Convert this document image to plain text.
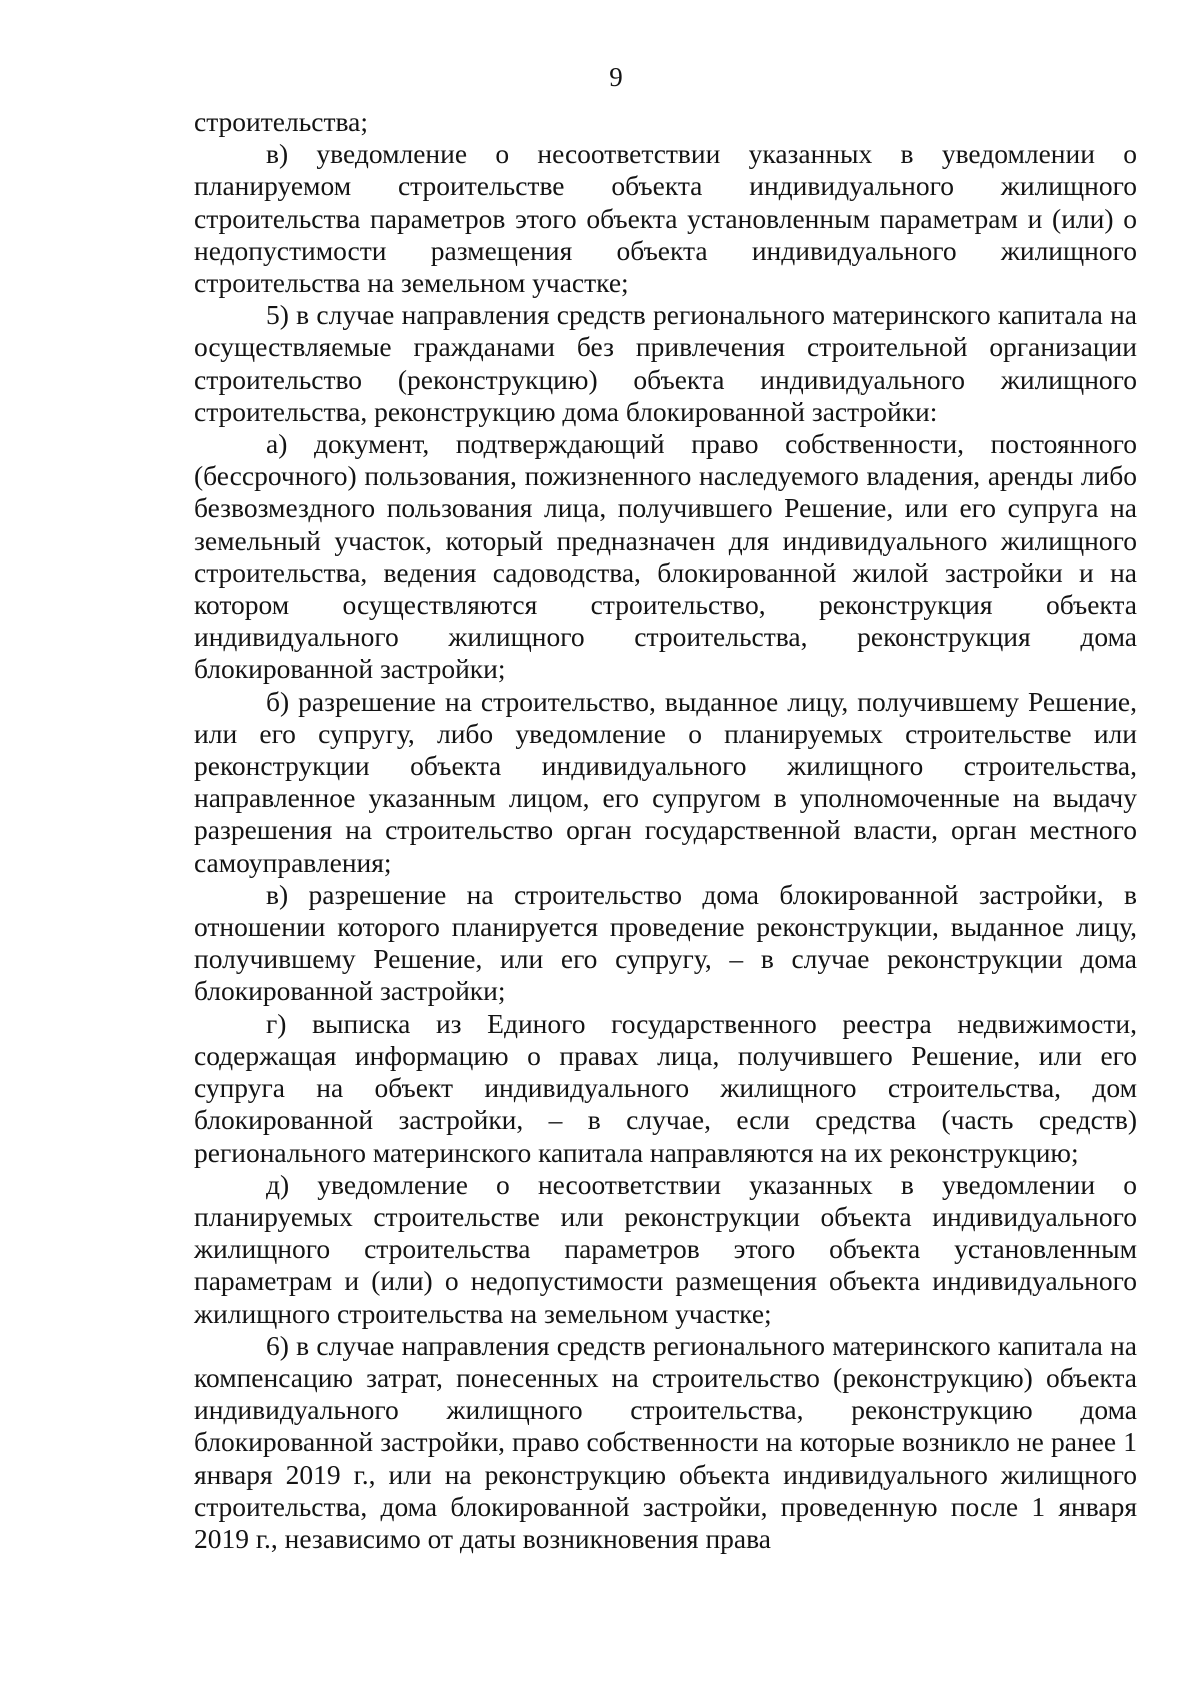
9

строительства;

в) уведомление о несоответствии указанных в уведомлении о планируемом строительстве объекта индивидуального жилищного строительства параметров этого объекта установленным параметрам и (или) о недопустимости размещения объекта индивидуального жилищного строительства на земельном участке;

5) в случае направления средств регионального материнского капитала на осуществляемые гражданами без привлечения строительной организации строительство (реконструкцию) объекта индивидуального жилищного строительства, реконструкцию дома блокированной застройки:

а) документ, подтверждающий право собственности, постоянного (бессрочного) пользования, пожизненного наследуемого владения, аренды либо безвозмездного пользования лица, получившего Решение, или его супруга на земельный участок, который предназначен для индивидуального жилищного строительства, ведения садоводства, блокированной жилой застройки и на котором осуществляются строительство, реконструкция объекта индивидуального жилищного строительства, реконструкция дома блокированной застройки;

б) разрешение на строительство, выданное лицу, получившему Решение, или его супругу, либо уведомление о планируемых строительстве или реконструкции объекта индивидуального жилищного строительства, направленное указанным лицом, его супругом в уполномоченные на выдачу разрешения на строительство орган государственной власти, орган местного самоуправления;

в) разрешение на строительство дома блокированной застройки, в отношении которого планируется проведение реконструкции, выданное лицу, получившему Решение, или его супругу, – в случае реконструкции дома блокированной застройки;

г) выписка из Единого государственного реестра недвижимости, содержащая информацию о правах лица, получившего Решение, или его супруга на объект индивидуального жилищного строительства, дом блокированной застройки, – в случае, если средства (часть средств) регионального материнского капитала направляются на их реконструкцию;

д) уведомление о несоответствии указанных в уведомлении о планируемых строительстве или реконструкции объекта индивидуального жилищного строительства параметров этого объекта установленным параметрам и (или) о недопустимости размещения объекта индивидуального жилищного строительства на земельном участке;

6) в случае направления средств регионального материнского капитала на компенсацию затрат, понесенных на строительство (реконструкцию) объекта индивидуального жилищного строительства, реконструкцию дома блокированной застройки, право собственности на которые возникло не ранее 1 января 2019 г., или на реконструкцию объекта индивидуального жилищного строительства, дома блокированной застройки, проведенную после 1 января 2019 г., независимо от даты возникновения права
